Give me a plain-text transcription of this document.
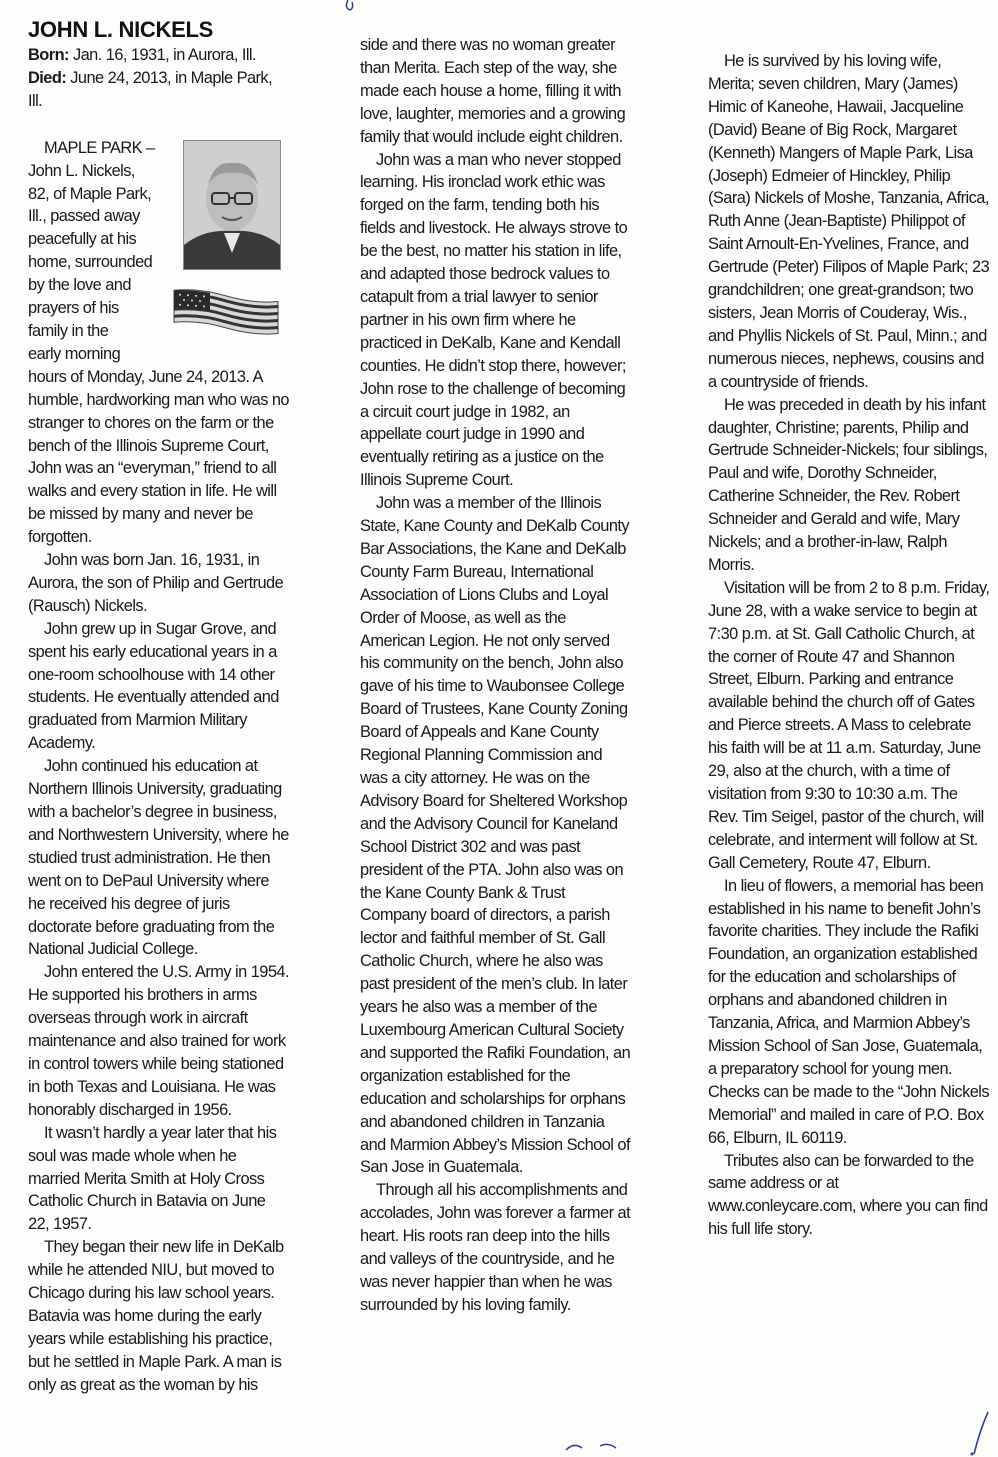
JOHN L. NICKELS

Born: Jan. 16, 1931, in Aurora, Ill.

Died: June 24, 2013, in Maple Park, Ill.

MAPLE PARK –
John L. Nickels,
82, of Maple Park,
Ill., passed away
peacefully at his
home, surrounded
by the love and
prayers of his
family in the
early morning

hours of Monday, June 24, 2013. A humble, hardworking man who was no stranger to chores on the farm or the bench of the Illinois Supreme Court, John was an “everyman,” friend to all walks and every station in life. He will be missed by many and never be forgotten.

John was born Jan. 16, 1931, in Aurora, the son of Philip and Gertrude (Rausch) Nickels.

John grew up in Sugar Grove, and spent his early educational years in a one-room schoolhouse with 14 other students. He eventually attended and graduated from Marmion Military Academy.

John continued his education at Northern Illinois University, graduating with a bachelor’s degree in business, and Northwestern University, where he studied trust administration. He then went on to DePaul University where he received his degree of juris doctorate before graduating from the National Judicial College.

John entered the U.S. Army in 1954. He supported his brothers in arms overseas through work in aircraft maintenance and also trained for work in control towers while being stationed in both Texas and Louisiana. He was honorably discharged in 1956.

It wasn’t hardly a year later that his soul was made whole when he married Merita Smith at Holy Cross Catholic Church in Batavia on June 22, 1957.

They began their new life in DeKalb while he attended NIU, but moved to Chicago during his law school years. Batavia was home during the early years while establishing his practice, but he settled in Maple Park. A man is only as great as the woman by his

side and there was no woman greater than Merita. Each step of the way, she made each house a home, filling it with love, laughter, memories and a growing family that would include eight children.

John was a man who never stopped learning. His ironclad work ethic was forged on the farm, tending both his fields and livestock. He always strove to be the best, no matter his station in life, and adapted those bedrock values to catapult from a trial lawyer to senior partner in his own firm where he practiced in DeKalb, Kane and Kendall counties. He didn’t stop there, however; John rose to the challenge of becoming a circuit court judge in 1982, an appellate court judge in 1990 and eventually retiring as a justice on the Illinois Supreme Court.

John was a member of the Illinois State, Kane County and DeKalb County Bar Associations, the Kane and DeKalb County Farm Bureau, International Association of Lions Clubs and Loyal Order of Moose, as well as the American Legion. He not only served his community on the bench, John also gave of his time to Waubonsee College Board of Trustees, Kane County Zoning Board of Appeals and Kane County Regional Planning Commission and was a city attorney. He was on the Advisory Board for Sheltered Workshop and the Advisory Council for Kaneland School District 302 and was past president of the PTA. John also was on the Kane County Bank & Trust Company board of directors, a parish lector and faithful member of St. Gall Catholic Church, where he also was past president of the men’s club. In later years he also was a member of the Luxembourg American Cultural Society and supported the Rafiki Foundation, an organization established for the education and scholarships for orphans and abandoned children in Tanzania and Marmion Abbey’s Mission School of San Jose in Guatemala.

Through all his accomplishments and accolades, John was forever a farmer at heart. His roots ran deep into the hills and valleys of the countryside, and he was never happier than when he was surrounded by his loving family.

He is survived by his loving wife, Merita; seven children, Mary (James) Himic of Kaneohe, Hawaii, Jacqueline (David) Beane of Big Rock, Margaret (Kenneth) Mangers of Maple Park, Lisa (Joseph) Edmeier of Hinckley, Philip (Sara) Nickels of Moshe, Tanzania, Africa, Ruth Anne (Jean-Baptiste) Philippot of Saint Arnoult-En-Yvelines, France, and Gertrude (Peter) Filipos of Maple Park; 23 grandchildren; one great-grandson; two sisters, Jean Morris of Couderay, Wis., and Phyllis Nickels of St. Paul, Minn.; and numerous nieces, nephews, cousins and a countryside of friends.

He was preceded in death by his infant daughter, Christine; parents, Philip and Gertrude Schneider-Nickels; four siblings, Paul and wife, Dorothy Schneider, Catherine Schneider, the Rev. Robert Schneider and Gerald and wife, Mary Nickels; and a brother-in-law, Ralph Morris.

Visitation will be from 2 to 8 p.m. Friday, June 28, with a wake service to begin at 7:30 p.m. at St. Gall Catholic Church, at the corner of Route 47 and Shannon Street, Elburn. Parking and entrance available behind the church off of Gates and Pierce streets. A Mass to celebrate his faith will be at 11 a.m. Saturday, June 29, also at the church, with a time of visitation from 9:30 to 10:30 a.m. The Rev. Tim Seigel, pastor of the church, will celebrate, and interment will follow at St. Gall Cemetery, Route 47, Elburn.

In lieu of flowers, a memorial has been established in his name to benefit John’s favorite charities. They include the Rafiki Foundation, an organization established for the education and scholarships of orphans and abandoned children in Tanzania, Africa, and Marmion Abbey’s Mission School of San Jose, Guatemala, a preparatory school for young men. Checks can be made to the “John Nickels Memorial” and mailed in care of P.O. Box 66, Elburn, IL 60119.

Tributes also can be forwarded to the same address or at www.conleycare.com, where you can find his full life story.
